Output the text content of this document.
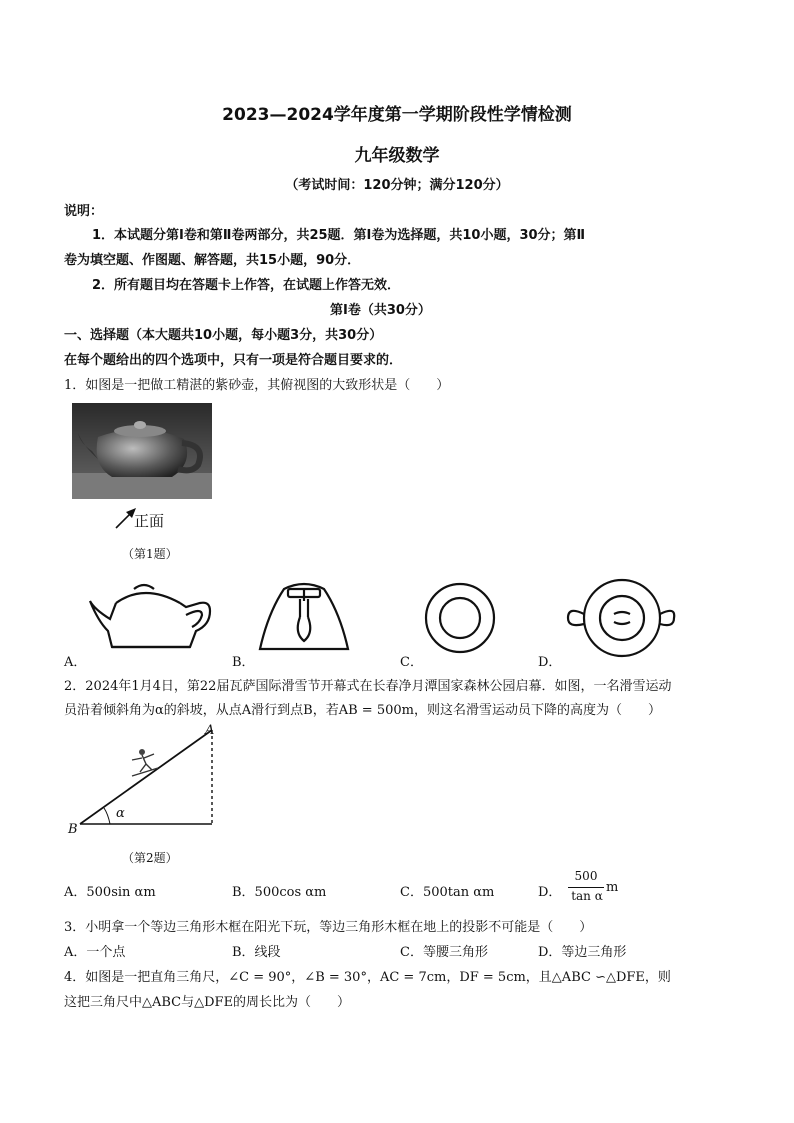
2023—2024学年度第一学期阶段性学情检测
九年级数学
（考试时间：120分钟；满分120分）
说明：
1．本试题分第Ⅰ卷和第Ⅱ卷两部分，共25题．第Ⅰ卷为选择题，共10小题，30分；第Ⅱ
卷为填空题、作图题、解答题，共15小题，90分．
2．所有题目均在答题卡上作答，在试题上作答无效．
第Ⅰ卷（共30分）
一、选择题（本大题共10小题，每小题3分，共30分）
在每个题给出的四个选项中，只有一项是符合题目要求的．
1．如图是一把做工精湛的紫砂壶，其俯视图的大致形状是（　　）
正面
（第1题）
A．	B．	C．	D．
2．2024年1月4日，第22届瓦萨国际滑雪节开幕式在长春净月潭国家森林公园启幕．如图，一名滑雪运动
员沿着倾斜角为α的斜坡，从点A滑行到点B，若AB = 500m，则这名滑雪运动员下降的高度为（　　）
A
B
α
（第2题）
A．500sin αm	B．500cos αm	C．500tan αm	D．
500
tan α
m
3．小明拿一个等边三角形木框在阳光下玩，等边三角形木框在地上的投影不可能是（　　）
A．一个点	B．线段	C．等腰三角形	D．等边三角形
4．如图是一把直角三角尺，∠C = 90°，∠B = 30°，AC = 7cm，DF = 5cm，且△ABC ∽△DFE，则
这把三角尺中△ABC与△DFE的周长比为（　　）
